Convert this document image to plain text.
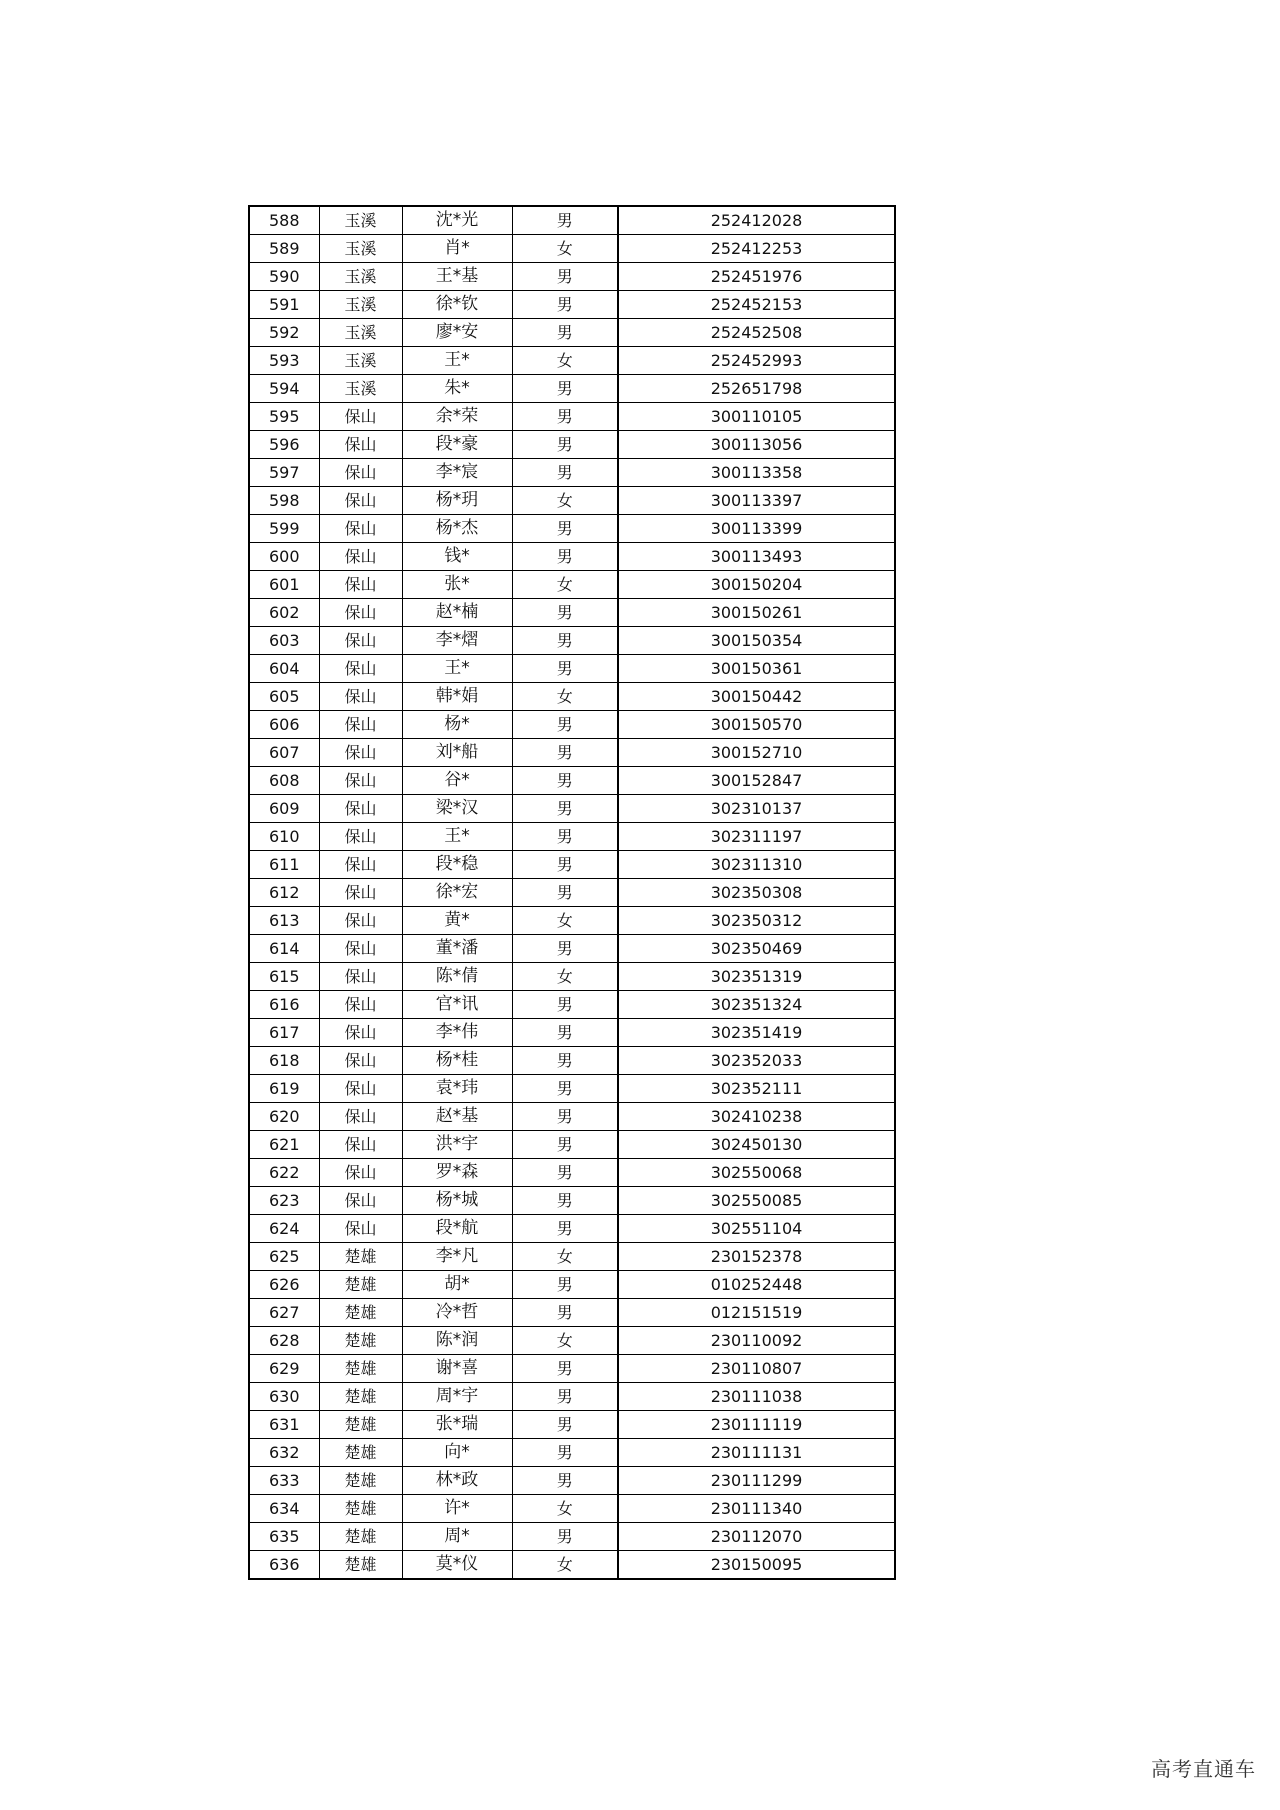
588	玉溪	沈*光	男	252412028
589	玉溪	肖*	女	252412253
590	玉溪	王*基	男	252451976
591	玉溪	徐*钦	男	252452153
592	玉溪	廖*安	男	252452508
593	玉溪	王*	女	252452993
594	玉溪	朱*	男	252651798
595	保山	余*荣	男	300110105
596	保山	段*豪	男	300113056
597	保山	李*宸	男	300113358
598	保山	杨*玥	女	300113397
599	保山	杨*杰	男	300113399
600	保山	钱*	男	300113493
601	保山	张*	女	300150204
602	保山	赵*楠	男	300150261
603	保山	李*熠	男	300150354
604	保山	王*	男	300150361
605	保山	韩*娟	女	300150442
606	保山	杨*	男	300150570
607	保山	刘*船	男	300152710
608	保山	谷*	男	300152847
609	保山	梁*汉	男	302310137
610	保山	王*	男	302311197
611	保山	段*稳	男	302311310
612	保山	徐*宏	男	302350308
613	保山	黄*	女	302350312
614	保山	董*潘	男	302350469
615	保山	陈*倩	女	302351319
616	保山	官*讯	男	302351324
617	保山	李*伟	男	302351419
618	保山	杨*桂	男	302352033
619	保山	袁*玮	男	302352111
620	保山	赵*基	男	302410238
621	保山	洪*宇	男	302450130
622	保山	罗*森	男	302550068
623	保山	杨*城	男	302550085
624	保山	段*航	男	302551104
625	楚雄	李*凡	女	230152378
626	楚雄	胡*	男	010252448
627	楚雄	冷*哲	男	012151519
628	楚雄	陈*润	女	230110092
629	楚雄	谢*喜	男	230110807
630	楚雄	周*宇	男	230111038
631	楚雄	张*瑞	男	230111119
632	楚雄	向*	男	230111131
633	楚雄	林*政	男	230111299
634	楚雄	许*	女	230111340
635	楚雄	周*	男	230112070
636	楚雄	莫*仪	女	230150095
高考直通车
